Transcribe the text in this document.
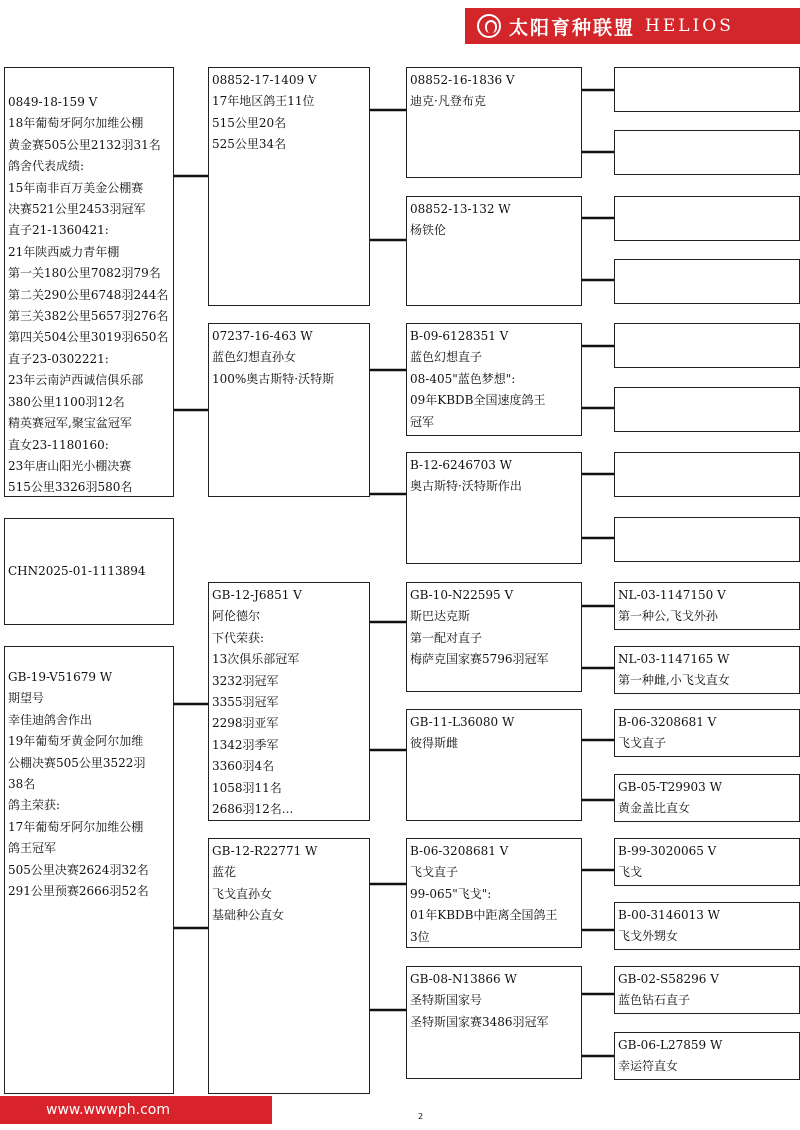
太阳育种联盟 HELIOS
0849-18-159 V
18年葡萄牙阿尔加维公棚
黄金赛505公里2132羽31名
鸽舍代表成绩:
15年南非百万美金公棚赛
决赛521公里2453羽冠军
直子21-1360421:
21年陕西威力青年棚
第一关180公里7082羽79名
第二关290公里6748羽244名
第三关382公里5657羽276名
第四关504公里3019羽650名
直子23-0302221:
23年云南泸西诚信俱乐部
380公里1100羽12名
精英赛冠军,聚宝盆冠军
直女23-1180160:
23年唐山阳光小棚决赛
515公里3326羽580名
CHN2025-01-1113894
GB-19-V51679 W
期望号
幸佳迪鸽舍作出
19年葡萄牙黄金阿尔加维
公棚决赛505公里3522羽
38名
鸽主荣获:
17年葡萄牙阿尔加维公棚
鸽王冠军
505公里决赛2624羽32名
291公里预赛2666羽52名
08852-17-1409 V
17年地区鸽王11位
515公里20名
525公里34名
07237-16-463 W
蓝色幻想直孙女
100%奥古斯特·沃特斯
GB-12-J6851 V
阿伦德尔
下代荣获:
13次俱乐部冠军
3232羽冠军
3355羽冠军
2298羽亚军
1342羽季军
3360羽4名
1058羽11名
2686羽12名...
GB-12-R22771 W
蓝花
飞戈直孙女
基础种公直女
08852-16-1836 V
迪克·凡登布克
08852-13-132 W
杨铁伦
B-09-6128351 V
蓝色幻想直子
08-405"蓝色梦想":
09年KBDB全国速度鸽王
冠军
B-12-6246703 W
奥古斯特·沃特斯作出
GB-10-N22595 V
斯巴达克斯
第一配对直子
梅萨克国家赛5796羽冠军
GB-11-L36080 W
彼得斯雌
B-06-3208681 V
飞戈直子
99-065"飞戈":
01年KBDB中距离全国鸽王
3位
GB-08-N13866 W
圣特斯国家号
圣特斯国家赛3486羽冠军
NL-03-1147150 V
第一种公,飞戈外孙
NL-03-1147165 W
第一种雌,小飞戈直女
B-06-3208681 V
飞戈直子
GB-05-T29903 W
黄金盖比直女
B-99-3020065 V
飞戈
B-00-3146013 W
飞戈外甥女
GB-02-S58296 V
蓝色钻石直子
GB-06-L27859 W
幸运符直女
www.wwwph.com	2
